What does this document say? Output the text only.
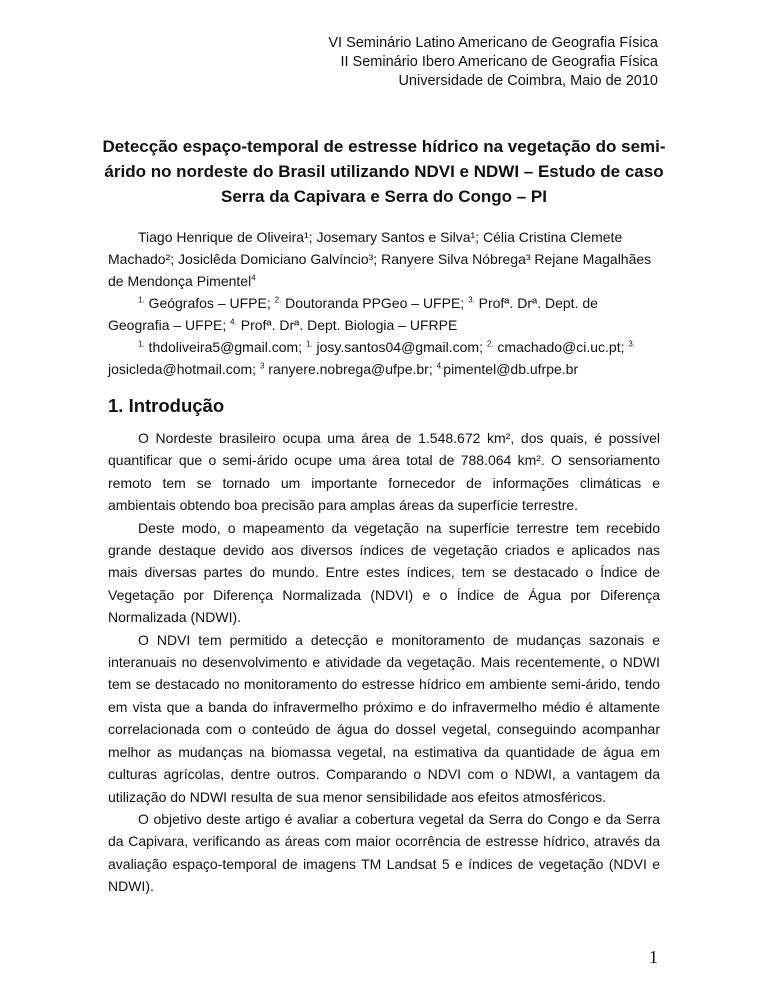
VI Seminário Latino Americano de Geografia Física
II Seminário Ibero Americano de Geografia Física
Universidade de Coimbra, Maio de 2010
Detecção espaço-temporal de estresse hídrico na vegetação do semi-
árido no nordeste do Brasil utilizando NDVI e NDWI – Estudo de caso
Serra da Capivara e Serra do Congo – PI

Tiago Henrique de Oliveira¹; Josemary Santos e Silva¹; Célia Cristina Clemete Machado²; Josiclêda Domiciano Galvíncio³; Ranyere Silva Nóbrega³ Rejane Magalhães de Mendonça Pimentel$^4$

$^{1.}$ Geógrafos – UFPE; $^{2.}$ Doutoranda PPGeo – UFPE; $^{3.}$ Profª. Drª. Dept. de Geografia – UFPE; $^{4.}$ Profª. Drª. Dept. Biologia – UFRPE

$^{1.}$ thdoliveira5@gmail.com; $^{1.}$ josy.santos04@gmail.com; $^{2.}$ cmachado@ci.uc.pt; $^{3.}$ josicleda@hotmail.com; $^3$ ranyere.nobrega@ufpe.br; $^{4.}$pimentel@db.ufrpe.br

1. Introdução

O Nordeste brasileiro ocupa uma área de 1.548.672 km², dos quais, é possível quantificar que o semi-árido ocupe uma área total de 788.064 km². O sensoriamento remoto tem se tornado um importante fornecedor de informações climáticas e ambientais obtendo boa precisão para amplas áreas da superfície terrestre.

Deste modo, o mapeamento da vegetação na superfície terrestre tem recebido grande destaque devido aos diversos índices de vegetação criados e aplicados nas mais diversas partes do mundo. Entre estes índices, tem se destacado o Índice de Vegetação por Diferença Normalizada (NDVI) e o Índice de Água por Diferença Normalizada (NDWI).

O NDVI tem permitido a detecção e monitoramento de mudanças sazonais e interanuais no desenvolvimento e atividade da vegetação. Mais recentemente, o NDWI tem se destacado no monitoramento do estresse hídrico em ambiente semi-árido, tendo em vista que a banda do infravermelho próximo e do infravermelho médio é altamente correlacionada com o conteúdo de água do dossel vegetal, conseguindo acompanhar melhor as mudanças na biomassa vegetal, na estimativa da quantidade de água em culturas agrícolas, dentre outros. Comparando o NDVI com o NDWI, a vantagem da utilização do NDWI resulta de sua menor sensibilidade aos efeitos atmosféricos.

O objetivo deste artigo é avaliar a cobertura vegetal da Serra do Congo e da Serra da Capivara, verificando as áreas com maior ocorrência de estresse hídrico, através da avaliação espaço-temporal de imagens TM Landsat 5 e índices de vegetação (NDVI e NDWI).

1
